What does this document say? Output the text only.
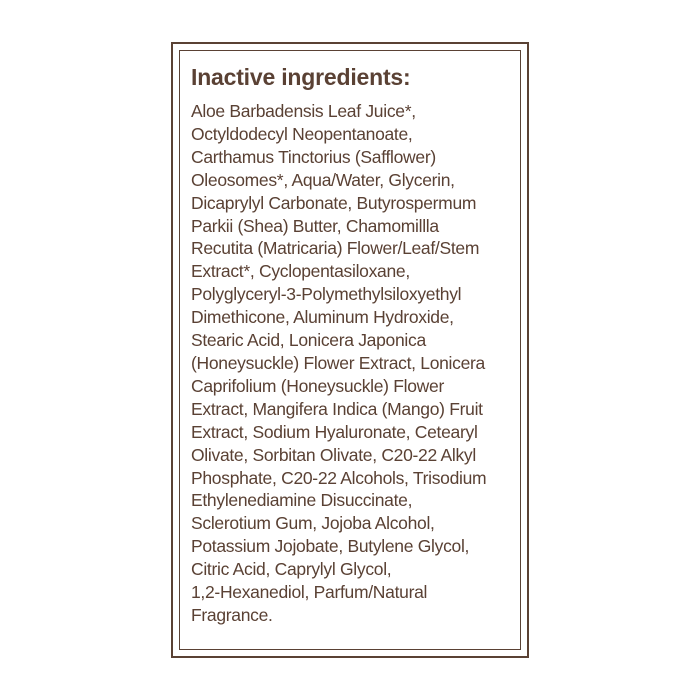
Inactive ingredients:
Aloe Barbadensis Leaf Juice*,
Octyldodecyl Neopentanoate,
Carthamus Tinctorius (Safflower)
Oleosomes*, Aqua/Water, Glycerin,
Dicaprylyl Carbonate, Butyrospermum
Parkii (Shea) Butter, Chamomillla
Recutita (Matricaria) Flower/Leaf/Stem
Extract*, Cyclopentasiloxane,
Polyglyceryl-3-Polymethylsiloxyethyl
Dimethicone, Aluminum Hydroxide,
Stearic Acid, Lonicera Japonica
(Honeysuckle) Flower Extract, Lonicera
Caprifolium (Honeysuckle) Flower
Extract, Mangifera Indica (Mango) Fruit
Extract, Sodium Hyaluronate, Cetearyl
Olivate, Sorbitan Olivate, C20-22 Alkyl
Phosphate, C20-22 Alcohols, Trisodium
Ethylenediamine Disuccinate,
Sclerotium Gum, Jojoba Alcohol,
Potassium Jojobate, Butylene Glycol,
Citric Acid, Caprylyl Glycol,
1,2-Hexanediol, Parfum/Natural
Fragrance.
